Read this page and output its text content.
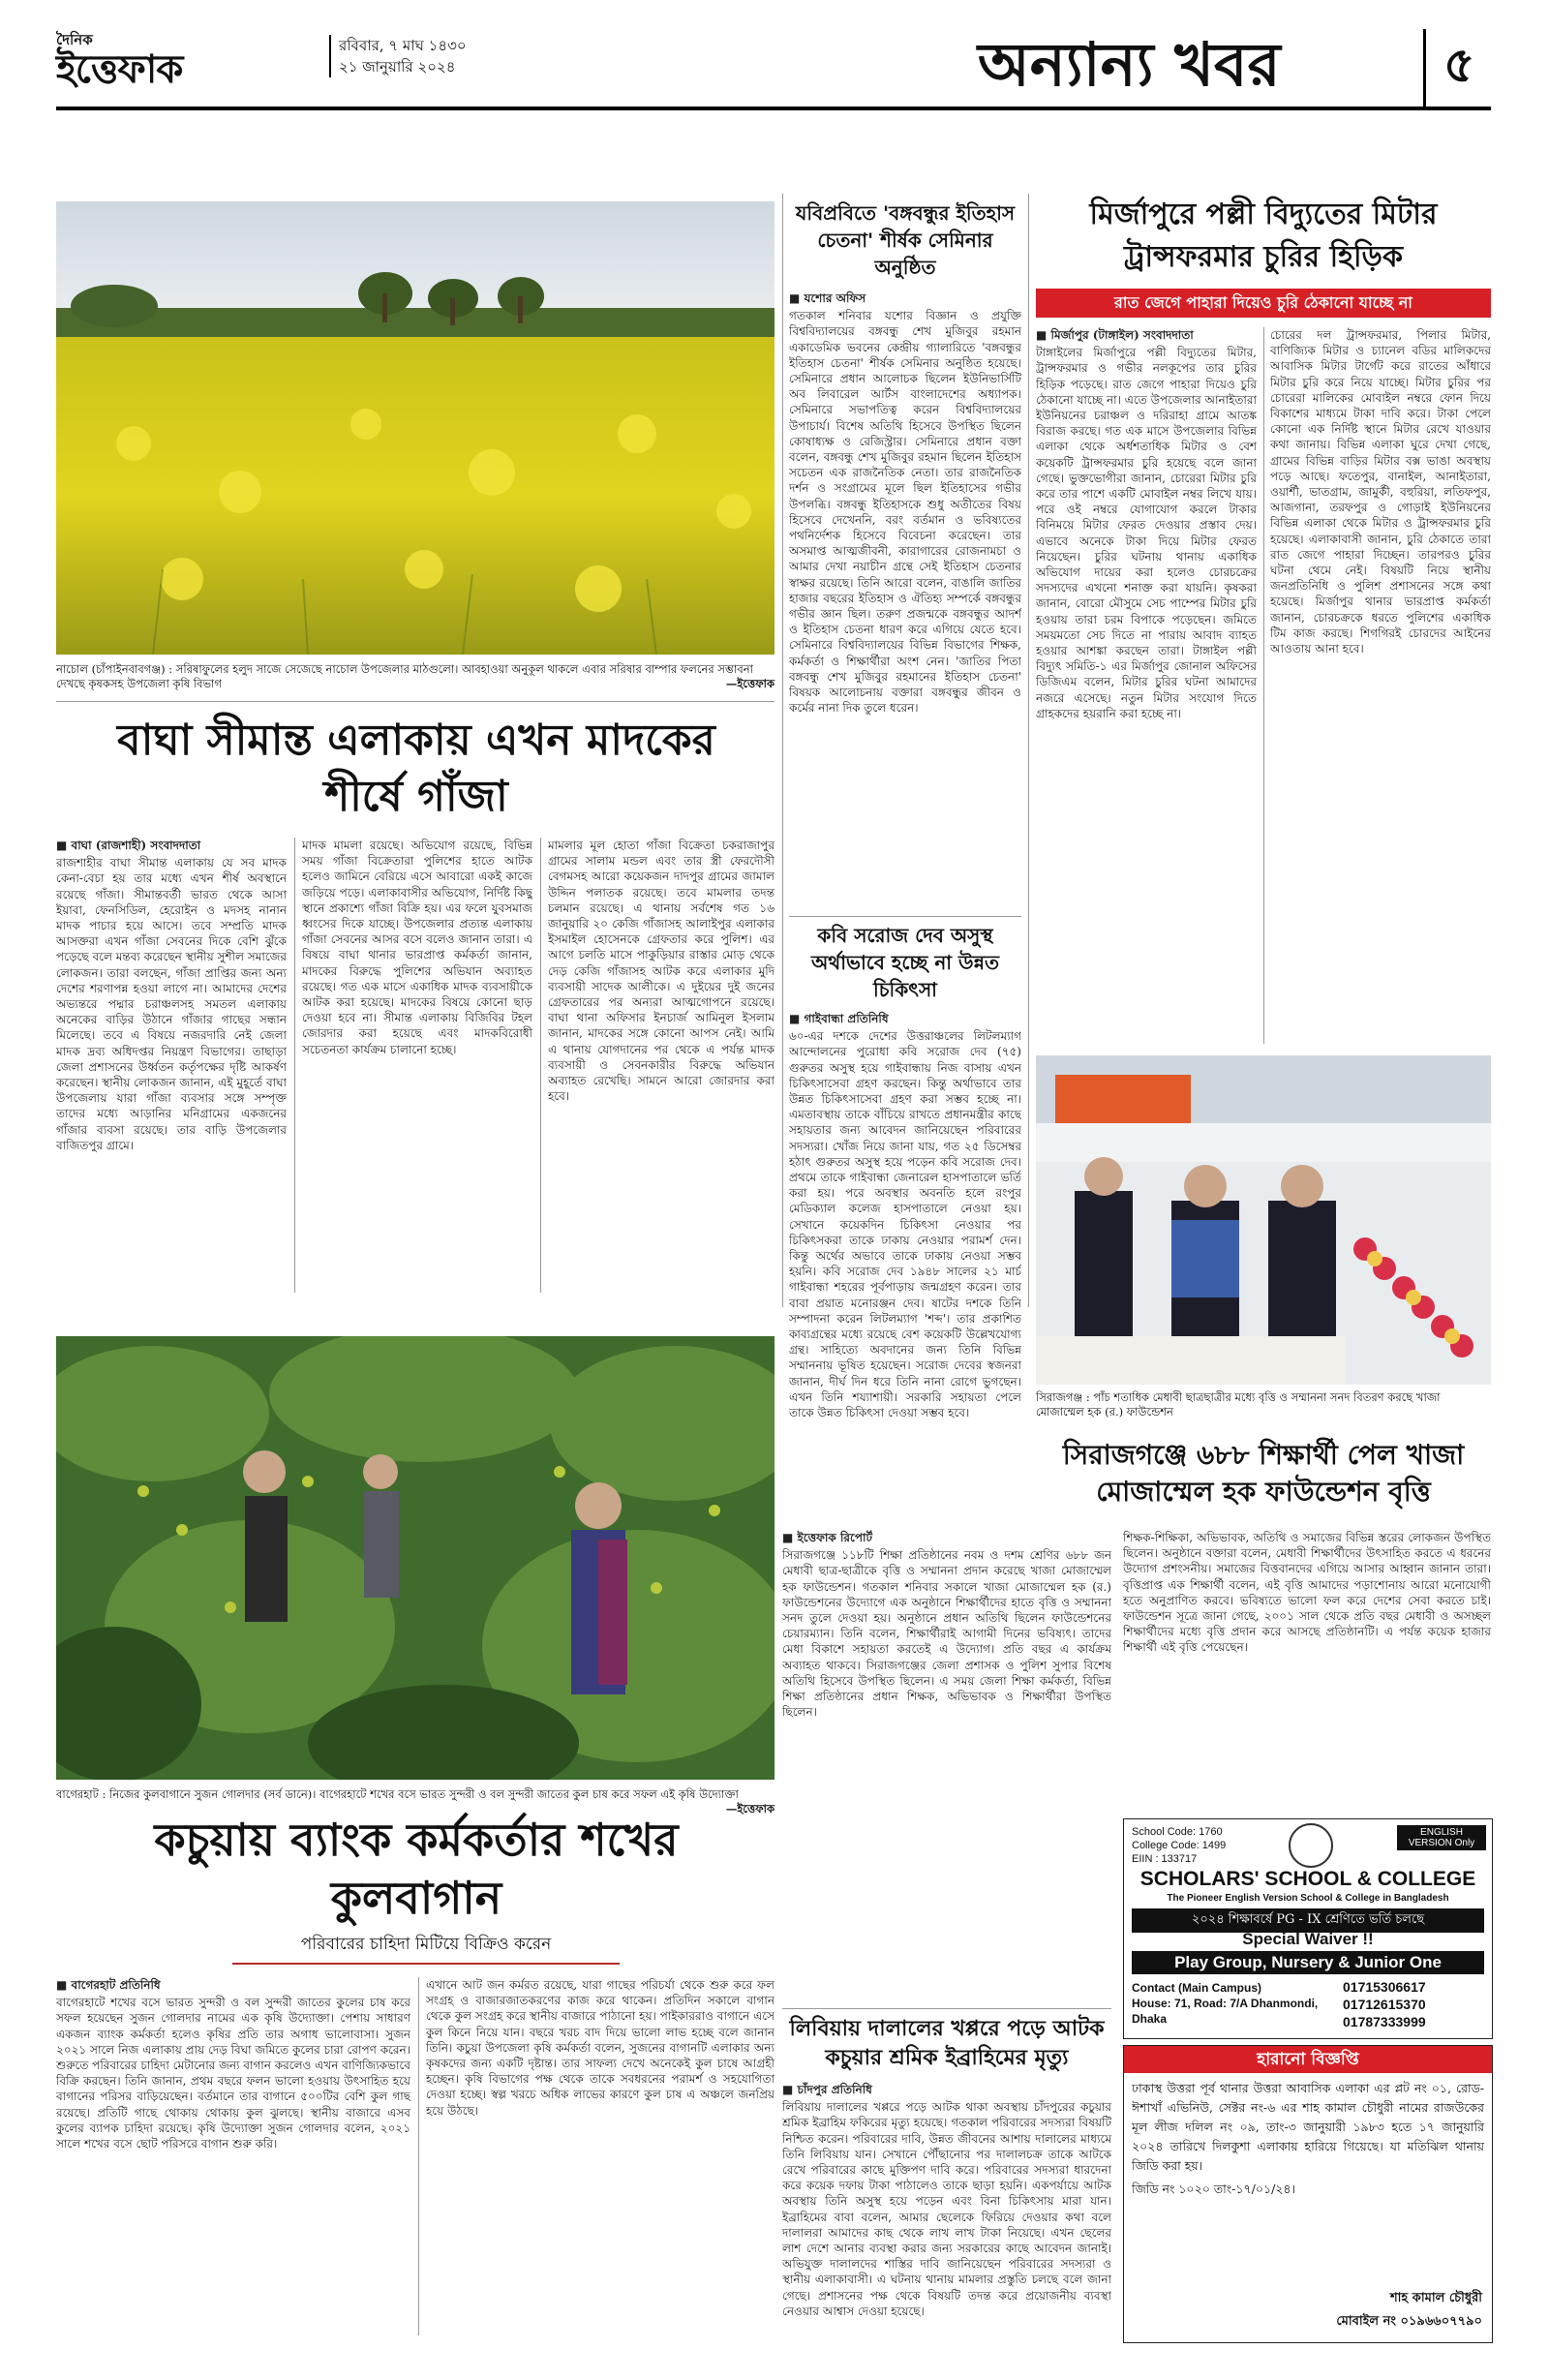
দৈনিক
ইত্তেফাক
রবিবার, ৭ মাঘ ১৪৩০
২১ জানুয়ারি ২০২৪	অন্যান্য খবর	৫
নাচোল (চাঁপাইনবাবগঞ্জ) : সরিষাফুলের হলুদ সাজে সেজেছে নাচোল উপজেলার মাঠগুলো। আবহাওয়া অনুকূল থাকলে এবার সরিষার বাম্পার ফলনের সম্ভাবনা দেখছে কৃষকসহ উপজেলা কৃষি বিভাগ	—ইত্তেফাক
বাঘা সীমান্ত এলাকায় এখন মাদকের শীর্ষে গাঁজা
■ বাঘা (রাজশাহী) সংবাদদাতা
রাজশাহীর বাঘা সীমান্ত এলাকায় যে সব মাদক কেনা-বেচা হয় তার মধ্যে এখন শীর্ষ অবস্থানে রয়েছে গাঁজা। সীমান্তবর্তী ভারত থেকে আসা ইয়াবা, ফেনসিডিল, হেরোইন ও মদসহ নানান মাদক পাচার হয়ে আসে। তবে সম্প্রতি মাদক আসক্তরা এখন গাঁজা সেবনের দিকে বেশি ঝুঁকে পড়েছে বলে মন্তব্য করেছেন স্থানীয় সুশীল সমাজের লোকজন। তারা বলছেন, গাঁজা প্রাপ্তির জন্য অন্য দেশের শরণাপন্ন হওয়া লাগে না। আমাদের দেশের অভ্যন্তরে পদ্মার চরাঞ্চলসহ সমতল এলাকায় অনেকের বাড়ির উঠানে গাঁজার গাছের সন্ধান মিলেছে। তবে এ বিষয়ে নজরদারি নেই জেলা মাদক দ্রব্য অধিদপ্তর নিয়ন্ত্রণ বিভাগের। তাছাড়া জেলা প্রশাসনের উর্ধ্বতন কর্তৃপক্ষের দৃষ্টি আকর্ষণ করেছেন। স্থানীয় লোকজন জানান, এই মুহূর্তে বাঘা উপজেলায় যারা গাঁজা ব্যবসার সঙ্গে সম্পৃক্ত তাদের মধ্যে আড়ানির মনিগ্রামের একজনের গাঁজার ব্যবসা রয়েছে। তার বাড়ি উপজেলার বাজিতপুর গ্রামে।
মাদক মামলা রয়েছে। অভিযোগ রয়েছে, বিভিন্ন সময় গাঁজা বিক্রেতারা পুলিশের হাতে আটক হলেও জামিনে বেরিয়ে এসে আবারো একই কাজে জড়িয়ে পড়ে। এলাকাবাসীর অভিযোগ, নির্দিষ্ট কিছু স্থানে প্রকাশ্যে গাঁজা বিক্রি হয়। এর ফলে যুবসমাজ ধ্বংসের দিকে যাচ্ছে। উপজেলার প্রত্যন্ত এলাকায় গাঁজা সেবনের আসর বসে বলেও জানান তারা। এ বিষয়ে বাঘা থানার ভারপ্রাপ্ত কর্মকর্তা জানান, মাদকের বিরুদ্ধে পুলিশের অভিযান অব্যাহত রয়েছে। গত এক মাসে একাধিক মাদক ব্যবসায়ীকে আটক করা হয়েছে। মাদকের বিষয়ে কোনো ছাড় দেওয়া হবে না। সীমান্ত এলাকায় বিজিবির টহল জোরদার করা হয়েছে এবং মাদকবিরোধী সচেতনতা কার্যক্রম চালানো হচ্ছে।
মামলার মূল হোতা গাঁজা বিক্রেতা চকরাজাপুর গ্রামের সালাম মন্ডল এবং তার স্ত্রী ফেরদৌসী বেগমসহ আরো কয়েকজন দাদপুর গ্রামের জামাল উদ্দিন পলাতক রয়েছে। তবে মামলার তদন্ত চলমান রয়েছে। এ থানায় সর্বশেষ গত ১৬ জানুয়ারি ২০ কেজি গাঁজাসহ আলাইপুর এলাকার ইসমাইল হোসেনকে গ্রেফতার করে পুলিশ। এর আগে চলতি মাসে পাকুড়িয়ার রাস্তার মোড় থেকে দেড় কেজি গাঁজাসহ আটক করে এলাকার মুদি ব্যবসায়ী সাদেক আলীকে। এ দুইয়ের দুই জনের গ্রেফতারের পর অন্যরা আত্মগোপনে রয়েছে। বাঘা থানা অফিসার ইনচার্জ আমিনুল ইসলাম জানান, মাদকের সঙ্গে কোনো আপস নেই। আমি এ থানায় যোগদানের পর থেকে এ পর্যন্ত মাদক ব্যবসায়ী ও সেবনকারীর বিরুদ্ধে অভিযান অব্যাহত রেখেছি। সামনে আরো জোরদার করা হবে।
বাগেরহাট : নিজের কুলবাগানে সুজন গোলদার (সর্ব ডানে)। বাগেরহাটে শখের বসে ভারত সুন্দরী ও বল সুন্দরী জাতের কুল চাষ করে সফল এই কৃষি উদ্যোক্তা
—ইত্তেফাক
কচুয়ায় ব্যাংক কর্মকর্তার শখের কুলবাগান
পরিবারের চাহিদা মিটিয়ে বিক্রিও করেন
■ বাগেরহাট প্রতিনিধি
বাগেরহাটে শখের বসে ভারত সুন্দরী ও বল সুন্দরী জাতের কুলের চাষ করে সফল হয়েছেন সুজন গোলদার নামের এক কৃষি উদ্যোক্তা। পেশায় সাধারণ একজন ব্যাংক কর্মকর্তা হলেও কৃষির প্রতি তার অগাধ ভালোবাসা। সুজন ২০২১ সালে নিজ এলাকায় প্রায় দেড় বিঘা জমিতে কুলের চারা রোপণ করেন। শুরুতে পরিবারের চাহিদা মেটানোর জন্য বাগান করলেও এখন বাণিজ্যিকভাবে বিক্রি করছেন। তিনি জানান, প্রথম বছরে ফলন ভালো হওয়ায় উৎসাহিত হয়ে বাগানের পরিসর বাড়িয়েছেন। বর্তমানে তার বাগানে ৫০০টির বেশি কুল গাছ রয়েছে। প্রতিটি গাছে থোকায় থোকায় কুল ঝুলছে। স্থানীয় বাজারে এসব কুলের ব্যাপক চাহিদা রয়েছে। কৃষি উদ্যোক্তা সুজন গোলদার বলেন, ২০২১ সালে শখের বসে ছোট পরিসরে বাগান শুরু করি।
এখানে আট জন কর্মরত রয়েছে, যারা গাছের পরিচর্যা থেকে শুরু করে ফল সংগ্রহ ও বাজারজাতকরণের কাজ করে থাকেন। প্রতিদিন সকালে বাগান থেকে কুল সংগ্রহ করে স্থানীয় বাজারে পাঠানো হয়। পাইকাররাও বাগানে এসে কুল কিনে নিয়ে যান। বছরে খরচ বাদ দিয়ে ভালো লাভ হচ্ছে বলে জানান তিনি। কচুয়া উপজেলা কৃষি কর্মকর্তা বলেন, সুজনের বাগানটি এলাকার অন্য কৃষকদের জন্য একটি দৃষ্টান্ত। তার সাফল্য দেখে অনেকেই কুল চাষে আগ্রহী হচ্ছেন। কৃষি বিভাগের পক্ষ থেকে তাকে সবধরনের পরামর্শ ও সহযোগিতা দেওয়া হচ্ছে। স্বল্প খরচে অধিক লাভের কারণে কুল চাষ এ অঞ্চলে জনপ্রিয় হয়ে উঠছে।
যবিপ্রবিতে 'বঙ্গবন্ধুর ইতিহাস চেতনা' শীর্ষক সেমিনার অনুষ্ঠিত
■ যশোর অফিস
গতকাল শনিবার যশোর বিজ্ঞান ও প্রযুক্তি বিশ্ববিদ্যালয়ের বঙ্গবন্ধু শেখ মুজিবুর রহমান একাডেমিক ভবনের কেন্দ্রীয় গ্যালারিতে 'বঙ্গবন্ধুর ইতিহাস চেতনা' শীর্ষক সেমিনার অনুষ্ঠিত হয়েছে। সেমিনারে প্রধান আলোচক ছিলেন ইউনিভার্সিটি অব লিবারেল আর্টস বাংলাদেশের অধ্যাপক। সেমিনারে সভাপতিত্ব করেন বিশ্ববিদ্যালয়ের উপাচার্য। বিশেষ অতিথি হিসেবে উপস্থিত ছিলেন কোষাধ্যক্ষ ও রেজিস্ট্রার। সেমিনারে প্রধান বক্তা বলেন, বঙ্গবন্ধু শেখ মুজিবুর রহমান ছিলেন ইতিহাস সচেতন এক রাজনৈতিক নেতা। তার রাজনৈতিক দর্শন ও সংগ্রামের মূলে ছিল ইতিহাসের গভীর উপলব্ধি। বঙ্গবন্ধু ইতিহাসকে শুধু অতীতের বিষয় হিসেবে দেখেননি, বরং বর্তমান ও ভবিষ্যতের পথনির্দেশক হিসেবে বিবেচনা করেছেন। তার অসমাপ্ত আত্মজীবনী, কারাগারের রোজনামচা ও আমার দেখা নয়াচীন গ্রন্থে সেই ইতিহাস চেতনার স্বাক্ষর রয়েছে। তিনি আরো বলেন, বাঙালি জাতির হাজার বছরের ইতিহাস ও ঐতিহ্য সম্পর্কে বঙ্গবন্ধুর গভীর জ্ঞান ছিল। তরুণ প্রজন্মকে বঙ্গবন্ধুর আদর্শ ও ইতিহাস চেতনা ধারণ করে এগিয়ে যেতে হবে। সেমিনারে বিশ্ববিদ্যালয়ের বিভিন্ন বিভাগের শিক্ষক, কর্মকর্তা ও শিক্ষার্থীরা অংশ নেন। 'জাতির পিতা বঙ্গবন্ধু শেখ মুজিবুর রহমানের ইতিহাস চেতনা' বিষয়ক আলোচনায় বক্তারা বঙ্গবন্ধুর জীবন ও কর্মের নানা দিক তুলে ধরেন।
কবি সরোজ দেব অসুস্থ অর্থাভাবে হচ্ছে না উন্নত চিকিৎসা
■ গাইবান্ধা প্রতিনিধি
৬০-এর দশকে দেশের উত্তরাঞ্চলের লিটলম্যাগ আন্দোলনের পুরোধা কবি সরোজ দেব (৭৫) গুরুতর অসুস্থ হয়ে গাইবান্ধায় নিজ বাসায় এখন চিকিৎসাসেবা গ্রহণ করছেন। কিন্তু অর্থাভাবে তার উন্নত চিকিৎসাসেবা গ্রহণ করা সম্ভব হচ্ছে না। এমতাবস্থায় তাকে বাঁচিয়ে রাখতে প্রধানমন্ত্রীর কাছে সহায়তার জন্য আবেদন জানিয়েছেন পরিবারের সদস্যরা। খোঁজ নিয়ে জানা যায়, গত ২৫ ডিসেম্বর হঠাৎ গুরুতর অসুস্থ হয়ে পড়েন কবি সরোজ দেব। প্রথমে তাকে গাইবান্ধা জেনারেল হাসপাতালে ভর্তি করা হয়। পরে অবস্থার অবনতি হলে রংপুর মেডিক্যাল কলেজ হাসপাতালে নেওয়া হয়। সেখানে কয়েকদিন চিকিৎসা নেওয়ার পর চিকিৎসকরা তাকে ঢাকায় নেওয়ার পরামর্শ দেন। কিন্তু অর্থের অভাবে তাকে ঢাকায় নেওয়া সম্ভব হয়নি। কবি সরোজ দেব ১৯৪৮ সালের ২১ মার্চ গাইবান্ধা শহরের পূর্বপাড়ায় জন্মগ্রহণ করেন। তার বাবা প্রয়াত মনোরঞ্জন দেব। ষাটের দশকে তিনি সম্পাদনা করেন লিটলম্যাগ 'শব্দ'। তার প্রকাশিত কাব্যগ্রন্থের মধ্যে রয়েছে বেশ কয়েকটি উল্লেখযোগ্য গ্রন্থ। সাহিত্যে অবদানের জন্য তিনি বিভিন্ন সম্মাননায় ভূষিত হয়েছেন। সরোজ দেবের স্বজনরা জানান, দীর্ঘ দিন ধরে তিনি নানা রোগে ভুগছেন। এখন তিনি শয্যাশায়ী। সরকারি সহায়তা পেলে তাকে উন্নত চিকিৎসা দেওয়া সম্ভব হবে।
লিবিয়ায় দালালের খপ্পরে পড়ে আটক কচুয়ার শ্রমিক ইব্রাহিমের মৃত্যু
■ চাঁদপুর প্রতিনিধি
লিবিয়ায় দালালের খপ্পরে পড়ে আটক থাকা অবস্থায় চাঁদপুরের কচুয়ার শ্রমিক ইব্রাহিম ফকিরের মৃত্যু হয়েছে। গতকাল পরিবারের সদস্যরা বিষয়টি নিশ্চিত করেন। পরিবারের দাবি, উন্নত জীবনের আশায় দালালের মাধ্যমে তিনি লিবিয়ায় যান। সেখানে পৌঁছানোর পর দালালচক্র তাকে আটকে রেখে পরিবারের কাছে মুক্তিপণ দাবি করে। পরিবারের সদস্যরা ধারদেনা করে কয়েক দফায় টাকা পাঠালেও তাকে ছাড়া হয়নি। একপর্যায়ে আটক অবস্থায় তিনি অসুস্থ হয়ে পড়েন এবং বিনা চিকিৎসায় মারা যান। ইব্রাহিমের বাবা বলেন, আমার ছেলেকে ফিরিয়ে দেওয়ার কথা বলে দালালরা আমাদের কাছ থেকে লাখ লাখ টাকা নিয়েছে। এখন ছেলের লাশ দেশে আনার ব্যবস্থা করার জন্য সরকারের কাছে আবেদন জানাই। অভিযুক্ত দালালদের শাস্তির দাবি জানিয়েছেন পরিবারের সদস্যরা ও স্থানীয় এলাকাবাসী। এ ঘটনায় থানায় মামলার প্রস্তুতি চলছে বলে জানা গেছে। প্রশাসনের পক্ষ থেকে বিষয়টি তদন্ত করে প্রয়োজনীয় ব্যবস্থা নেওয়ার আশ্বাস দেওয়া হয়েছে।
মির্জাপুরে পল্লী বিদ্যুতের মিটার ট্রান্সফরমার চুরির হিড়িক
রাত জেগে পাহারা দিয়েও চুরি ঠেকানো যাচ্ছে না
■ মির্জাপুর (টাঙ্গাইল) সংবাদদাতা
টাঙ্গাইলের মির্জাপুরে পল্লী বিদ্যুতের মিটার, ট্রান্সফরমার ও গভীর নলকূপের তার চুরির হিড়িক পড়েছে। রাত জেগে পাহারা দিয়েও চুরি ঠেকানো যাচ্ছে না। এতে উপজেলার আনাইতারা ইউনিয়নের চরাঞ্চল ও দরিরাহা গ্রামে আতঙ্ক বিরাজ করছে। গত এক মাসে উপজেলার বিভিন্ন এলাকা থেকে অর্ধশতাধিক মিটার ও বেশ কয়েকটি ট্রান্সফরমার চুরি হয়েছে বলে জানা গেছে। ভুক্তভোগীরা জানান, চোরেরা মিটার চুরি করে তার পাশে একটি মোবাইল নম্বর লিখে যায়। পরে ওই নম্বরে যোগাযোগ করলে টাকার বিনিময়ে মিটার ফেরত দেওয়ার প্রস্তাব দেয়। এভাবে অনেকে টাকা দিয়ে মিটার ফেরত নিয়েছেন। চুরির ঘটনায় থানায় একাধিক অভিযোগ দায়ের করা হলেও চোরচক্রের সদস্যদের এখনো শনাক্ত করা যায়নি। কৃষকরা জানান, বোরো মৌসুমে সেচ পাম্পের মিটার চুরি হওয়ায় তারা চরম বিপাকে পড়েছেন। জমিতে সময়মতো সেচ দিতে না পারায় আবাদ ব্যাহত হওয়ার আশঙ্কা করছেন তারা। টাঙ্গাইল পল্লী বিদ্যুৎ সমিতি-১ এর মির্জাপুর জোনাল অফিসের ডিজিএম বলেন, মিটার চুরির ঘটনা আমাদের নজরে এসেছে। নতুন মিটার সংযোগ দিতে গ্রাহকদের হয়রানি করা হচ্ছে না।
চোরের দল ট্রান্সফরমার, পিলার মিটার, বাণিজ্যিক মিটার ও চ্যানেল বডির মালিকদের আবাসিক মিটার টার্গেট করে রাতের আঁধারে মিটার চুরি করে নিয়ে যাচ্ছে। মিটার চুরির পর চোরেরা মালিকের মোবাইল নম্বরে ফোন দিয়ে বিকাশের মাধ্যমে টাকা দাবি করে। টাকা পেলে কোনো এক নির্দিষ্ট স্থানে মিটার রেখে যাওয়ার কথা জানায়। বিভিন্ন এলাকা ঘুরে দেখা গেছে, গ্রামের বিভিন্ন বাড়ির মিটার বক্স ভাঙা অবস্থায় পড়ে আছে। ফতেপুর, বানাইল, আনাইতারা, ওয়ার্শী, ভাতগ্রাম, জামুর্কী, বহুরিয়া, লতিফপুর, আজগানা, তরফপুর ও গোড়াই ইউনিয়নের বিভিন্ন এলাকা থেকে মিটার ও ট্রান্সফরমার চুরি হয়েছে। এলাকাবাসী জানান, চুরি ঠেকাতে তারা রাত জেগে পাহারা দিচ্ছেন। তারপরও চুরির ঘটনা থেমে নেই। বিষয়টি নিয়ে স্থানীয় জনপ্রতিনিধি ও পুলিশ প্রশাসনের সঙ্গে কথা হয়েছে। মির্জাপুর থানার ভারপ্রাপ্ত কর্মকর্তা জানান, চোরচক্রকে ধরতে পুলিশের একাধিক টিম কাজ করছে। শিগগিরই চোরদের আইনের আওতায় আনা হবে।
সিরাজগঞ্জ : পাঁচ শতাধিক মেধাবী ছাত্রছাত্রীর মধ্যে বৃত্তি ও সম্মাননা সনদ বিতরণ করছে খাজা মোজাম্মেল হক (র.) ফাউন্ডেশন
সিরাজগঞ্জে ৬৮৮ শিক্ষার্থী পেল খাজা মোজাম্মেল হক ফাউন্ডেশন বৃত্তি
■ ইত্তেফাক রিপোর্ট
সিরাজগঞ্জে ১১৮টি শিক্ষা প্রতিষ্ঠানের নবম ও দশম শ্রেণির ৬৮৮ জন মেধাবী ছাত্র-ছাত্রীকে বৃত্তি ও সম্মাননা প্রদান করেছে খাজা মোজাম্মেল হক ফাউন্ডেশন। গতকাল শনিবার সকালে খাজা মোজাম্মেল হক (র.) ফাউন্ডেশনের উদ্যোগে এক অনুষ্ঠানে শিক্ষার্থীদের হাতে বৃত্তি ও সম্মাননা সনদ তুলে দেওয়া হয়। অনুষ্ঠানে প্রধান অতিথি ছিলেন ফাউন্ডেশনের চেয়ারম্যান। তিনি বলেন, শিক্ষার্থীরাই আগামী দিনের ভবিষ্যৎ। তাদের মেধা বিকাশে সহায়তা করতেই এ উদ্যোগ। প্রতি বছর এ কার্যক্রম অব্যাহত থাকবে। সিরাজগঞ্জের জেলা প্রশাসক ও পুলিশ সুপার বিশেষ অতিথি হিসেবে উপস্থিত ছিলেন। এ সময় জেলা শিক্ষা কর্মকর্তা, বিভিন্ন শিক্ষা প্রতিষ্ঠানের প্রধান শিক্ষক, অভিভাবক ও শিক্ষার্থীরা উপস্থিত ছিলেন।
শিক্ষক-শিক্ষিকা, অভিভাবক, অতিথি ও সমাজের বিভিন্ন স্তরের লোকজন উপস্থিত ছিলেন। অনুষ্ঠানে বক্তারা বলেন, মেধাবী শিক্ষার্থীদের উৎসাহিত করতে এ ধরনের উদ্যোগ প্রশংসনীয়। সমাজের বিত্তবানদের এগিয়ে আসার আহ্বান জানান তারা। বৃত্তিপ্রাপ্ত এক শিক্ষার্থী বলেন, এই বৃত্তি আমাদের পড়াশোনায় আরো মনোযোগী হতে অনুপ্রাণিত করবে। ভবিষ্যতে ভালো ফল করে দেশের সেবা করতে চাই। ফাউন্ডেশন সূত্রে জানা গেছে, ২০০১ সাল থেকে প্রতি বছর মেধাবী ও অসচ্ছল শিক্ষার্থীদের মধ্যে বৃত্তি প্রদান করে আসছে প্রতিষ্ঠানটি। এ পর্যন্ত কয়েক হাজার শিক্ষার্থী এই বৃত্তি পেয়েছেন।
School Code: 1760
College Code: 1499
EIIN : 133717
ENGLISH VERSION Only
SCHOLARS' SCHOOL & COLLEGE
The Pioneer English Version School & College in Bangladesh
২০২৪ শিক্ষাবর্ষে PG - IX শ্রেণিতে ভর্তি চলছে
Special Waiver !!
Play Group, Nursery & Junior One
Contact (Main Campus)
House: 71, Road: 7/A Dhanmondi, Dhaka
01715306617
01712615370
01787333999
হারানো বিজ্ঞপ্তি
ঢাকাস্থ উত্তরা পূর্ব থানার উত্তরা আবাসিক এলাকা এর প্লট নং ০১, রোড- ঈশাখাঁ এভিনিউ, সেক্টর নং-৬ এর শাহ কামাল চৌধুরী নামের রাজউকের মূল লীজ দলিল নং ০৯, তাং-৩ জানুয়ারী ১৯৮৩ হতে ১৭ জানুয়ারি ২০২৪ তারিখে দিলকুশা এলাকায় হারিয়ে গিয়েছে। যা মতিঝিল থানায় জিডি করা হয়।
জিডি নং ১০২০ তাং-১৭/০১/২৪।
শাহ কামাল চৌধুরী
মোবাইল নং ০১৯৬৬০৭৭৯০
